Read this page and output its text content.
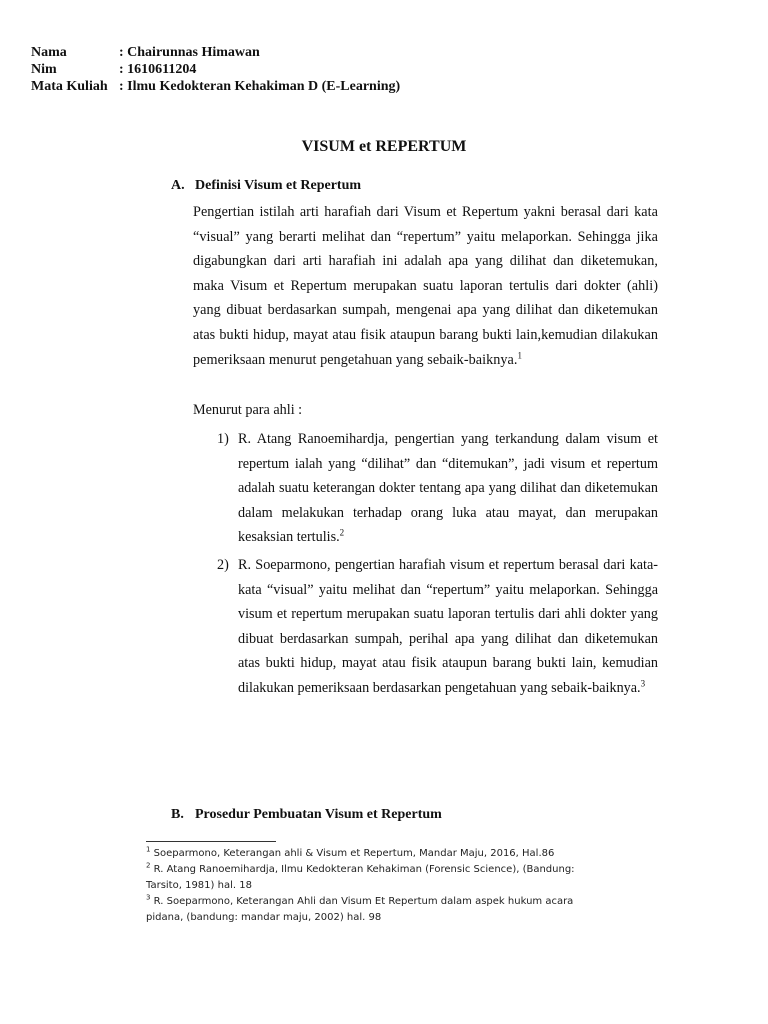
Nama	: Chairunnas Himawan
Nim	: 1610611204
Mata Kuliah : Ilmu Kedokteran Kehakiman D (E-Learning)
VISUM et REPERTUM
A. Definisi Visum et Repertum
Pengertian istilah arti harafiah dari Visum et Repertum yakni berasal dari kata “visual” yang berarti melihat dan “repertum” yaitu melaporkan. Sehingga jika digabungkan dari arti harafiah ini adalah apa yang dilihat dan diketemukan, maka Visum et Repertum merupakan suatu laporan tertulis dari dokter (ahli) yang dibuat berdasarkan sumpah, mengenai apa yang dilihat dan diketemukan atas bukti hidup, mayat atau fisik ataupun barang bukti lain,kemudian dilakukan pemeriksaan menurut pengetahuan yang sebaik-baiknya.$^1$
Menurut para ahli :
1) R. Atang Ranoemihardja, pengertian yang terkandung dalam visum et repertum ialah yang “dilihat” dan “ditemukan”, jadi visum et repertum adalah suatu keterangan dokter tentang apa yang dilihat dan diketemukan dalam melakukan terhadap orang luka atau mayat, dan merupakan kesaksian tertulis.$^2$
2) R. Soeparmono, pengertian harafiah visum et repertum berasal dari kata-kata “visual” yaitu melihat dan “repertum” yaitu melaporkan. Sehingga visum et repertum merupakan suatu laporan tertulis dari ahli dokter yang dibuat berdasarkan sumpah, perihal apa yang dilihat dan diketemukan atas bukti hidup, mayat atau fisik ataupun barang bukti lain, kemudian dilakukan pemeriksaan berdasarkan pengetahuan yang sebaik-baiknya.$^3$
B. Prosedur Pembuatan Visum et Repertum

$^1$ Soeparmono, Keterangan ahli & Visum et Repertum, Mandar Maju, 2016, Hal.86

$^2$ R. Atang Ranoemihardja, Ilmu Kedokteran Kehakiman (Forensic Science), (Bandung: Tarsito, 1981) hal. 18

$^3$ R. Soeparmono, Keterangan Ahli dan Visum Et Repertum dalam aspek hukum acara pidana, (bandung: mandar maju, 2002) hal. 98
